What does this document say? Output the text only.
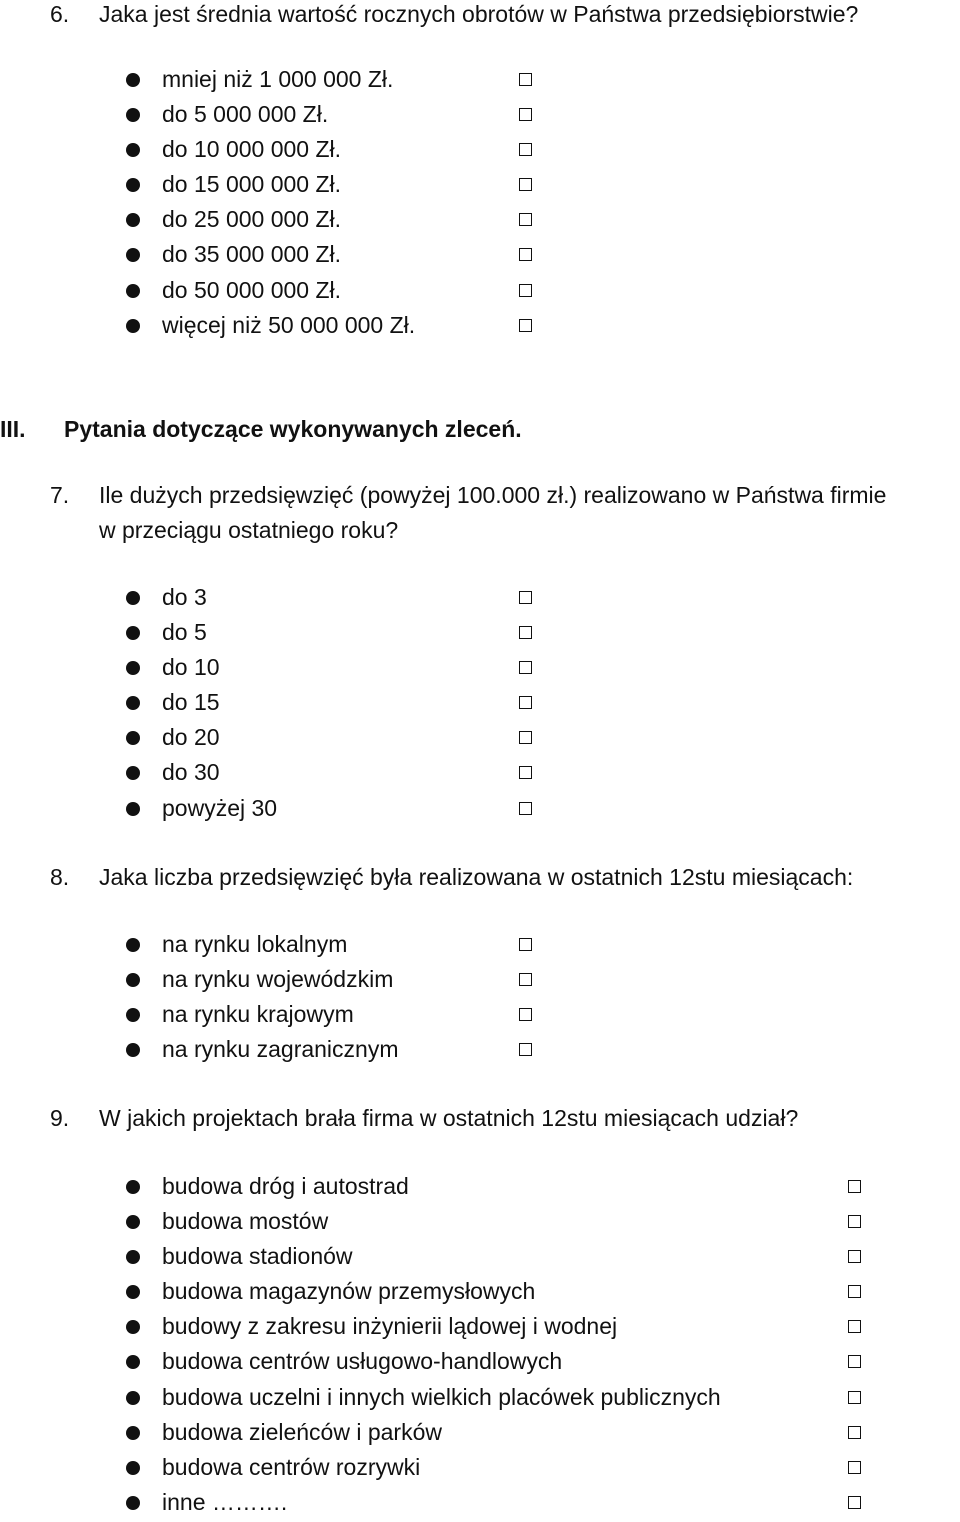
6. Jaka jest średnia wartość rocznych obrotów w Państwa przedsiębiorstwie?
mniej niż 1 000 000 Zł.
do 5 000 000 Zł.
do 10 000 000 Zł.
do 15 000 000 Zł.
do 25 000 000 Zł.
do 35 000 000 Zł.
do 50 000 000 Zł.
więcej niż 50 000 000 Zł.
III. Pytania dotyczące wykonywanych zleceń.
7. Ile dużych przedsięwzięć (powyżej 100.000 zł.) realizowano w Państwa firmie
w przeciągu ostatniego roku?
do 3
do 5
do 10
do 15
do 20
do 30
powyżej 30
8. Jaka liczba przedsięwzięć była realizowana w ostatnich 12stu miesiącach:
na rynku lokalnym
na rynku wojewódzkim
na rynku krajowym
na rynku zagranicznym
9. W jakich projektach brała firma w ostatnich 12stu miesiącach udział?
budowa dróg i autostrad
budowa mostów
budowa stadionów
budowa magazynów przemysłowych
budowy z zakresu inżynierii lądowej i wodnej
budowa centrów usługowo-handlowych
budowa uczelni i innych wielkich placówek publicznych
budowa zieleńców i parków
budowa centrów rozrywki
inne ……….
